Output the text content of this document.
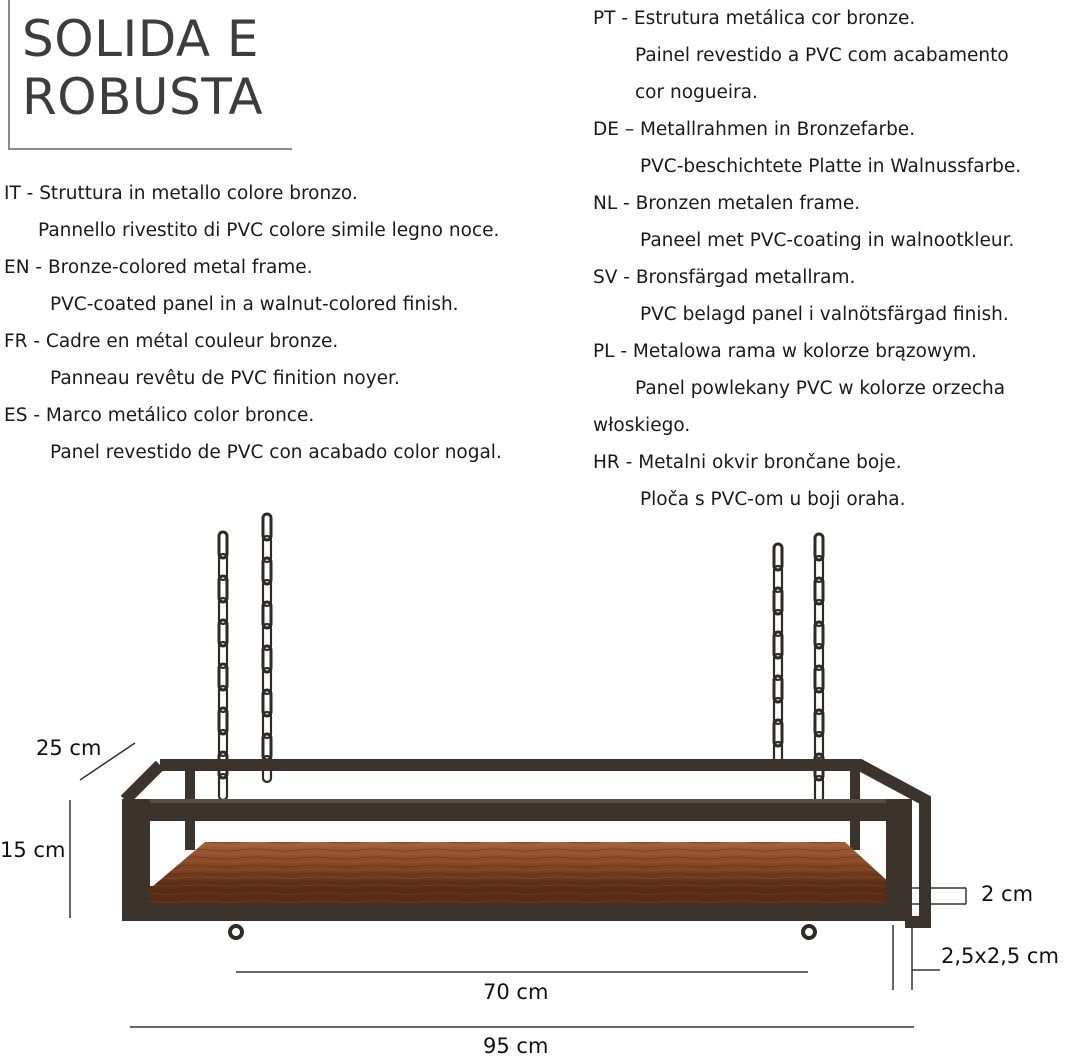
SOLIDA E
ROBUSTA
IT - Struttura in metallo colore bronzo.
Pannello rivestito di PVC colore simile legno noce.
EN - Bronze-colored metal frame.
PVC-coated panel in a walnut-colored finish.
FR - Cadre en métal couleur bronze.
Panneau revêtu de PVC finition noyer.
ES - Marco metálico color bronce.
Panel revestido de PVC con acabado color nogal.
PT - Estrutura metálica cor bronze.
Painel revestido a PVC com acabamento
cor nogueira.
DE – Metallrahmen in Bronzefarbe.
PVC-beschichtete Platte in Walnussfarbe.
NL - Bronzen metalen frame.
Paneel met PVC-coating in walnootkleur.
SV - Bronsfärgad metallram.
PVC belagd panel i valnötsfärgad finish.
PL - Metalowa rama w kolorze brązowym.
Panel powlekany PVC w kolorze orzecha
włoskiego.
HR - Metalni okvir brončane boje.
Ploča s PVC-om u boji oraha.
25 cm
15 cm
2 cm
2,5x2,5 cm
70 cm
95 cm
